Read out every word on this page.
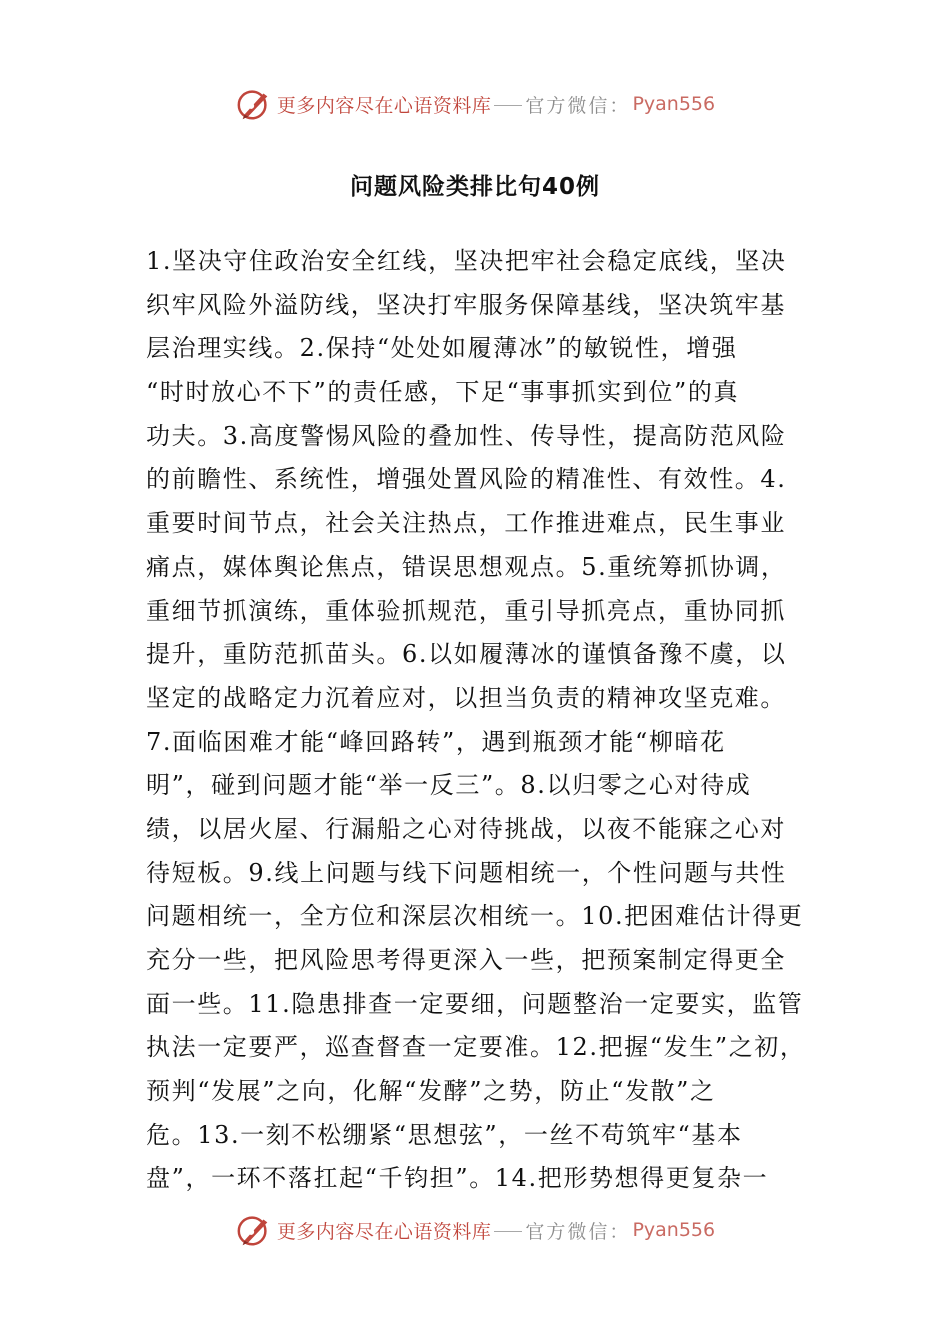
更多内容尽在心语资料库 官方微信： Pyan556
问题风险类排比句40例
1.坚决守住政治安全红线，坚决把牢社会稳定底线，坚决
织牢风险外溢防线，坚决打牢服务保障基线，坚决筑牢基
层治理实线。2.保持“处处如履薄冰”的敏锐性，增强
“时时放心不下”的责任感，下足“事事抓实到位”的真
功夫。3.高度警惕风险的叠加性、传导性，提高防范风险
的前瞻性、系统性，增强处置风险的精准性、有效性。4.
重要时间节点，社会关注热点，工作推进难点，民生事业
痛点，媒体舆论焦点，错误思想观点。5.重统筹抓协调，
重细节抓演练，重体验抓规范，重引导抓亮点，重协同抓
提升，重防范抓苗头。6.以如履薄冰的谨慎备豫不虞，以
坚定的战略定力沉着应对，以担当负责的精神攻坚克难。
7.面临困难才能“峰回路转”，遇到瓶颈才能“柳暗花
明”，碰到问题才能“举一反三”。8.以归零之心对待成
绩，以居火屋、行漏船之心对待挑战，以夜不能寐之心对
待短板。9.线上问题与线下问题相统一，个性问题与共性
问题相统一，全方位和深层次相统一。10.把困难估计得更
充分一些，把风险思考得更深入一些，把预案制定得更全
面一些。11.隐患排查一定要细，问题整治一定要实，监管
执法一定要严，巡查督查一定要准。12.把握“发生”之初，
预判“发展”之向，化解“发酵”之势，防止“发散”之
危。13.一刻不松绷紧“思想弦”，一丝不苟筑牢“基本
盘”，一环不落扛起“千钧担”。14.把形势想得更复杂一
更多内容尽在心语资料库 官方微信： Pyan556
